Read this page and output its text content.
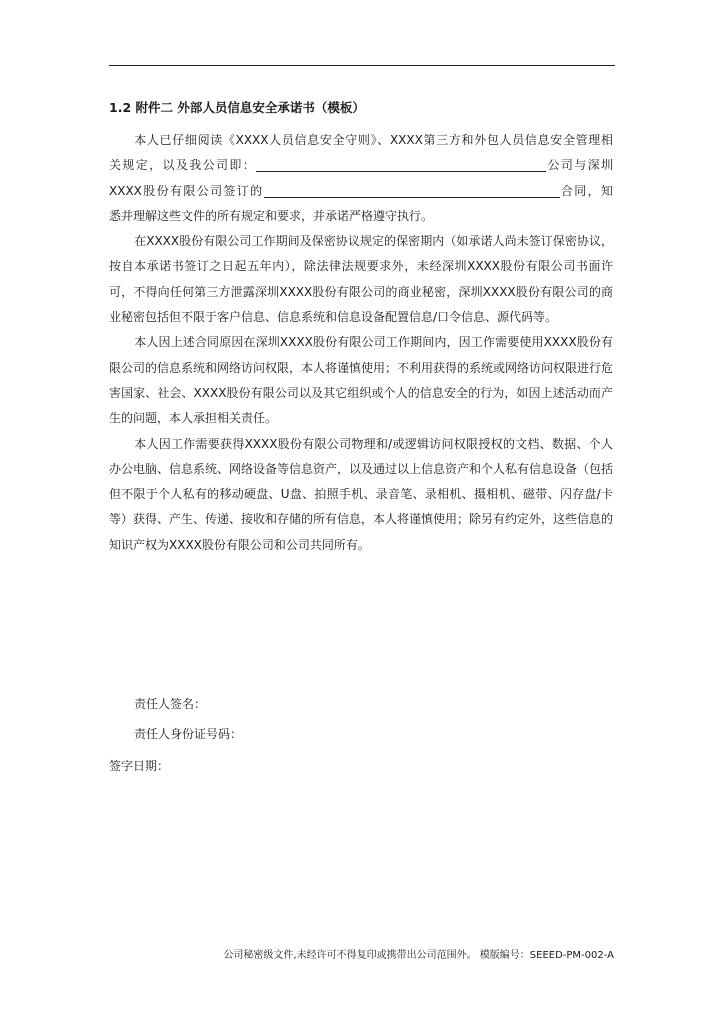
1.2 附件二 外部人员信息安全承诺书（模板）
本人已仔细阅读《XXXX人员信息安全守则》、XXXX第三方和外包人员信息安全管理相
关规定，以及我公司即：	公司与深圳
XXXX股份有限公司签订的	合同，知
悉并理解这些文件的所有规定和要求，并承诺严格遵守执行。

在XXXX股份有限公司工作期间及保密协议规定的保密期内（如承诺人尚未签订保密协议，按自本承诺书签订之日起五年内），除法律法规要求外，未经深圳XXXX股份有限公司书面许可，不得向任何第三方泄露深圳XXXX股份有限公司的商业秘密，深圳XXXX股份有限公司的商业秘密包括但不限于客户信息、信息系统和信息设备配置信息/口令信息、源代码等。

本人因上述合同原因在深圳XXXX股份有限公司工作期间内，因工作需要使用XXXX股份有限公司的信息系统和网络访问权限，本人将谨慎使用；不利用获得的系统或网络访问权限进行危害国家、社会、XXXX股份有限公司以及其它组织或个人的信息安全的行为，如因上述活动而产生的问题，本人承担相关责任。

本人因工作需要获得XXXX股份有限公司物理和/或逻辑访问权限授权的文档、数据、个人办公电脑、信息系统、网络设备等信息资产，以及通过以上信息资产和个人私有信息设备（包括但不限于个人私有的移动硬盘、U盘、拍照手机、录音笔、录相机、摄相机、磁带、闪存盘/卡等）获得、产生、传递、接收和存储的所有信息，本人将谨慎使用；除另有约定外，这些信息的知识产权为XXXX股份有限公司和公司共同所有。

责任人签名：
责任人身份证号码：
签字日期：
公司秘密级文件,未经许可不得复印或携带出公司范围外。 模版编号：SEEED-PM-002-A
